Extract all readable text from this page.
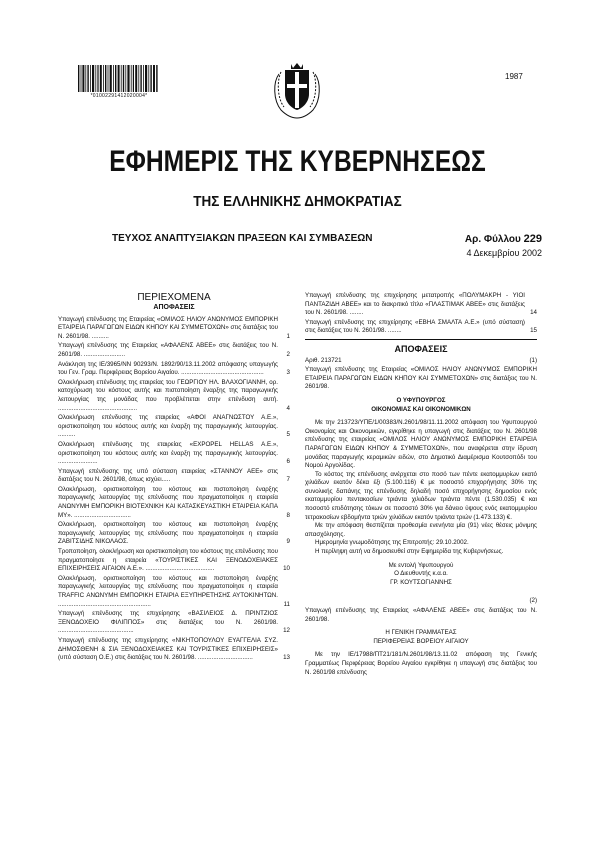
*01002291412020004*
1987
ΕΦΗΜΕΡΙΣ ΤΗΣ ΚΥΒΕΡΝΗΣΕΩΣ
ΤΗΣ ΕΛΛΗΝΙΚΗΣ ΔΗΜΟΚΡΑΤΙΑΣ
ΤΕΥΧΟΣ ΑΝΑΠΤΥΞΙΑΚΩΝ ΠΡΑΞΕΩΝ ΚΑΙ ΣΥΜΒΑΣΕΩΝ	Αρ. Φύλλου 229
4 Δεκεμβρίου 2002
ΠΕΡΙΕΧΟΜΕΝΑ
ΑΠΟΦΑΣΕΙΣ
Υπαγωγή επένδυσης της Εταιρείας «ΟΜΙΛΟΣ ΗΛΙΟΥ ΑΝΩΝΥΜΟΣ ΕΜΠΟΡΙΚΗ ΕΤΑΙΡΕΙΑ ΠΑΡΑΓΩΓΩΝ ΕΙΔΩΝ ΚΗΠΟΥ ΚΑΙ ΣΥΜΜΕΤΟΧΩΝ» στις διατάξεις του Ν. 2601/98. ..........	1
Υπαγωγή επένδυσης της Εταιρείας «ΑΦΑΛΕΝΣ ΑΒΕΕ» στις διατάξεις του Ν. 2601/98. ........................	2
Ανάκληση της ΙΕ/3965/ΝΝ 90293/Ν. 1892/90/13.11.2002 απόφασης υπαγωγής του Γεν. Γραμ. Περιφέρειας Βορείου Αιγαίου. ................................................	3
Ολοκλήρωση επένδυσης της εταιρείας του ΓΕΩΡΓΙΟΥ ΗΛ. ΒΛΑΧΟΓΙΑΝΝΗ, ορ. κατοχύρωση του κόστους αυτής και πιστοποίηση έναρξης της παραγωγικής λειτουργίας της μονάδας που προβλέπεται στην επένδυση αυτή. ..............................................	4
Ολοκλήρωση επένδυσης της εταιρείας «ΑΦΟΙ ΑΝΑΓΝΩΣΤΟΥ Α.Ε.», οριστικοποίηση του κόστους αυτής και έναρξη της παραγωγικής λειτουργίας. ..........	5
Ολοκλήρωση επένδυσης της εταιρείας «EXPOPEL HELLAS A.E.», οριστικοποίηση του κόστους αυτής και έναρξη της παραγωγικής λειτουργίας. .......................	6
Υπαγωγή επένδυσης της υπό σύσταση εταιρείας «ΣΤΑΝΝΟΥ ΑΕΕ» στις διατάξεις του Ν. 2601/98, όπως ισχύει.....	7
Ολοκλήρωση, οριστικοποίηση του κόστους και πιστοποίηση έναρξης παραγωγικής λειτουργίας της επένδυσης που πραγματοποίησε η εταιρεία ΑΝΩΝΥΜΗ ΕΜΠΟΡΙΚΗ ΒΙΟΤΕΧΝΙΚΗ ΚΑΙ ΚΑΤΑΣΚΕΥΑΣΤΙΚΗ ΕΤΑΙΡΕΙΑ ΚΑΠΑ ΜΥ». .................................	8
Ολοκλήρωση, οριστικοποίηση του κόστους και πιστοποίηση έναρξης παραγωγικής λειτουργίας της επένδυσης που πραγματοποίησε η εταιρεία ΖΑΒΙΤΣΙΔΗΣ ΝΙΚΟΛΑΟΣ.	9
Τροποποίηση, ολοκλήρωση και οριστικοποίηση του κόστους της επένδυσης που πραγματοποίησε η εταιρεία «ΤΟΥΡΙΣΤΙΚΕΣ ΚΑΙ ΞΕΝΟΔΟΧΕΙΑΚΕΣ ΕΠΙΧΕΙΡΗΣΕΙΣ ΑΙΓΑΙΟΝ Α.Ε.». ........................................	10
Ολοκλήρωση, οριστικοποίηση του κόστους και πιστοποίηση έναρξης παραγωγικής λειτουργίας της επένδυσης που πραγματοποίησε η εταιρεία TRAFFIC ΑΝΩΝΥΜΗ ΕΜΠΟΡΙΚΗ ΕΤΑΙΡΙΑ ΕΞΥΠΗΡΕΤΗΣΗΣ ΑΥΤΟΚΙΝΗΤΩΝ. ......................................................	11
Υπαγωγή επένδυσης της επιχείρησης «ΒΑΣΙΛΕΙΟΣ Δ. ΠΡΙΝΤΖΙΟΣ ΞΕΝΟΔΟΧΕΙΟ ΦΙΛΙΠΠΟΣ» στις διατάξεις του Ν. 2601/98. ............................................	12
Υπαγωγή επένδυσης της επιχείρησης «ΝΙΚΗΤΟΠΟΥΛΟΥ ΕΥΑΓΓΕΛΙΑ ΣΥΖ. ΔΗΜΟΣΘΕΝΗ & ΣΙΑ ΞΕΝΟΔΟΧΕΙΑΚΕΣ ΚΑΙ ΤΟΥΡΙΣΤΙΚΕΣ ΕΠΙΧΕΙΡΗΣΕΙΣ» (υπό σύσταση Ο.Ε.) στις διατάξεις του Ν. 2601/98. ................................	13
Υπαγωγή επένδυσης της επιχείρησης μετατροπής «ΠΟΛΥΜΑΚΡΗ - ΥΙΟΙ ΠΑΝΤΑΖΙΔΗ ΑΒΕΕ» και το διακριτικό τίτλο «ΠΛΑΣΤΙΜΑΚ ΑΒΕΕ» στις διατάξεις του Ν. 2601/98. ........	14
Υπαγωγή επένδυσης της επιχείρησης «ΕΒΗΑ ΣΜΑΛΤΑ Α.Ε.» (υπό σύσταση) στις διατάξεις του Ν. 2601/98. ........	15
ΑΠΟΦΑΣΕΙΣ
Αριθ. 213721	(1)

Υπαγωγή επένδυσης της Εταιρείας «ΟΜΙΛΟΣ ΗΛΙΟΥ ΑΝΩΝΥΜΟΣ ΕΜΠΟΡΙΚΗ ΕΤΑΙΡΕΙΑ ΠΑΡΑΓΩΓΩΝ ΕΙΔΩΝ ΚΗΠΟΥ ΚΑΙ ΣΥΜΜΕΤΟΧΩΝ» στις διατάξεις του Ν. 2601/98.

Ο ΥΦΥΠΟΥΡΓΟΣ

ΟΙΚΟΝΟΜΙΑΣ ΚΑΙ ΟΙΚΟΝΟΜΙΚΩΝ

Με την 213723/ΥΠΕ/1/00383/Ν.2601/98/11.11.2002 απόφαση του Υφυπουργού Οικονομίας και Οικονομικών, εγκρίθηκε η υπαγωγή στις διατάξεις του Ν. 2601/98 επένδυσης της εταιρείας «ΟΜΙΛΟΣ ΗΛΙΟΥ ΑΝΩΝΥΜΟΣ ΕΜΠΟΡΙΚΗ ΕΤΑΙΡΕΙΑ ΠΑΡΑΓΩΓΩΝ ΕΙΔΩΝ ΚΗΠΟΥ & ΣΥΜΜΕΤΟΧΩΝ», που αναφέρεται στην ίδρυση μονάδας παραγωγής κεραμικών ειδών, στο Δημοτικό Διαμέρισμα Κουτσοπόδι του Νομού Αργολίδας.

Το κόστος της επένδυσης ανέρχεται στο ποσό των πέντε εκατομμυρίων εκατό χιλιάδων εκατόν δέκα έξι (5.100.116) € με ποσοστό επιχορήγησης 30% της συνολικής δαπάνης της επένδυσης δηλαδή ποσό επιχορήγησης δημοσίου ενός εκατομμυρίου πεντακοσίων τριάντα χιλιάδων τριάντα πέντε (1.530.035) € και ποσοστό επιδότησης τόκων σε ποσοστό 30% για δάνειο ύψους ενός εκατομμυρίου τετρακοσίων εβδομήντα τριών χιλιάδων εκατόν τριάντα τριών (1.473.133) €.

Με την απόφαση θεσπίζεται προθεσμία ενενήντα μία (91) νέες θέσεις μόνιμης απασχόλησης.

Ημερομηνία γνωμοδότησης της Επιτροπής: 29.10.2002.

Η περίληψη αυτή να δημοσιευθεί στην Εφημερίδα της Κυβερνήσεως.

Με εντολή Υφυπουργού

Ο Διευθυντής κ.α.α.

ΓΡ. ΚΟΥΤΣΟΓΙΑΝΝΗΣ

(2)

Υπαγωγή επένδυσης της Εταιρείας «ΑΦΑΛΕΝΣ ΑΒΕΕ» στις διατάξεις του Ν. 2601/98.

Η ΓΕΝΙΚΗ ΓΡΑΜΜΑΤΕΑΣ

ΠΕΡΙΦΕΡΕΙΑΣ ΒΟΡΕΙΟΥ ΑΙΓΑΙΟΥ

Με την ΙΕ/17988/ΠΤ21/181/Ν.2601/98/13.11.02 απόφαση της Γενικής Γραμματέως Περιφέρειας Βορείου Αιγαίου εγκρίθηκε η υπαγωγή στις διατάξεις του Ν. 2601/98 επένδυσης
